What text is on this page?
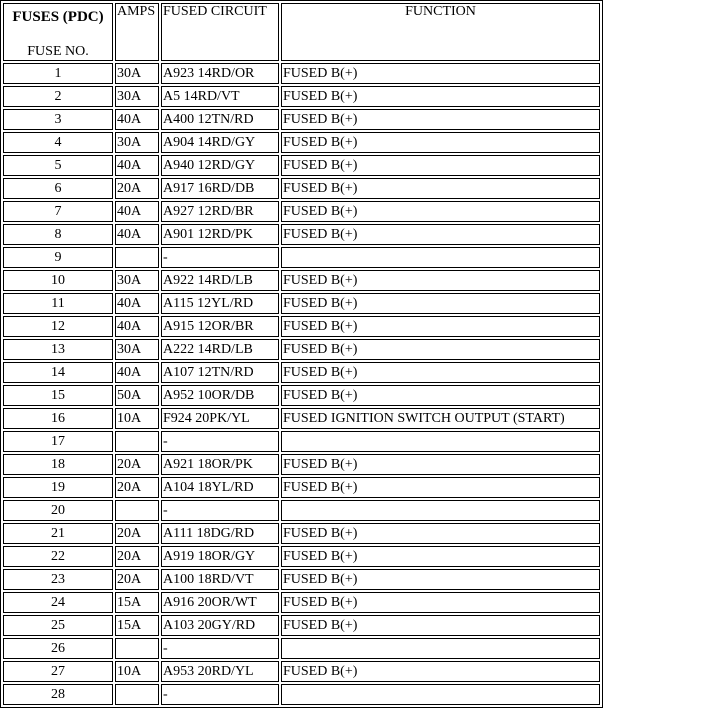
FUSES (PDC)
FUSE NO.	AMPS	FUSED CIRCUIT	FUNCTION
1	30A	A923 14RD/OR	FUSED B(+)
2	30A	A5 14RD/VT	FUSED B(+)
3	40A	A400 12TN/RD	FUSED B(+)
4	30A	A904 14RD/GY	FUSED B(+)
5	40A	A940 12RD/GY	FUSED B(+)
6	20A	A917 16RD/DB	FUSED B(+)
7	40A	A927 12RD/BR	FUSED B(+)
8	40A	A901 12RD/PK	FUSED B(+)
9		-	
10	30A	A922 14RD/LB	FUSED B(+)
11	40A	A115 12YL/RD	FUSED B(+)
12	40A	A915 12OR/BR	FUSED B(+)
13	30A	A222 14RD/LB	FUSED B(+)
14	40A	A107 12TN/RD	FUSED B(+)
15	50A	A952 10OR/DB	FUSED B(+)
16	10A	F924 20PK/YL	FUSED IGNITION SWITCH OUTPUT (START)
17		-	
18	20A	A921 18OR/PK	FUSED B(+)
19	20A	A104 18YL/RD	FUSED B(+)
20		-	
21	20A	A111 18DG/RD	FUSED B(+)
22	20A	A919 18OR/GY	FUSED B(+)
23	20A	A100 18RD/VT	FUSED B(+)
24	15A	A916 20OR/WT	FUSED B(+)
25	15A	A103 20GY/RD	FUSED B(+)
26		-	
27	10A	A953 20RD/YL	FUSED B(+)
28		-	
